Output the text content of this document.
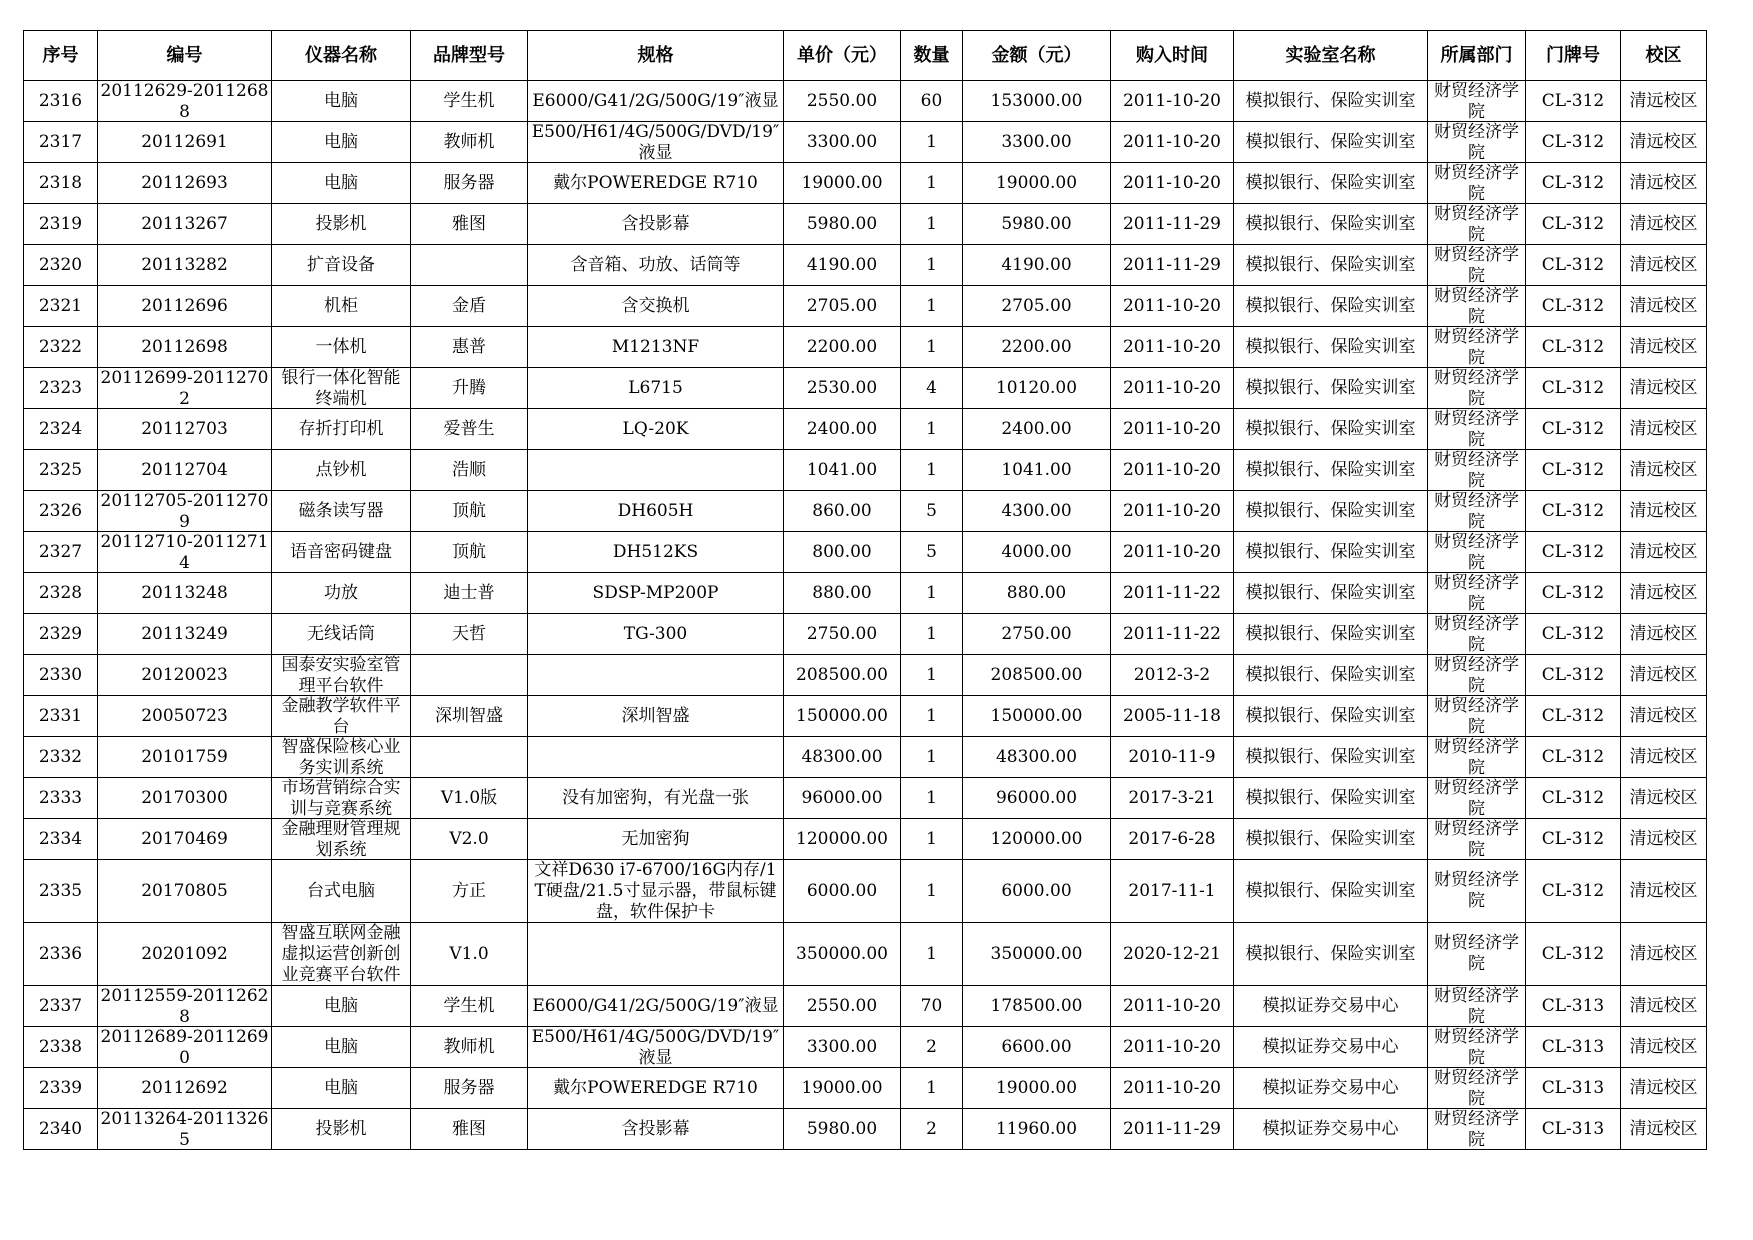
序号	编号	仪器名称	品牌型号	规格	单价（元）	数量	金额（元）	购入时间	实验室名称	所属部门	门牌号	校区

2316	20112629-20112688	电脑	学生机	E6000/G41/2G/500G/19″液显	2550.00	60	153000.00	2011-10-20	模拟银行、保险实训室	财贸经济学院	CL-312	清远校区

2317	20112691	电脑	教师机	E500/H61/4G/500G/DVD/19″液显	3300.00	1	3300.00	2011-10-20	模拟银行、保险实训室	财贸经济学院	CL-312	清远校区

2318	20112693	电脑	服务器	戴尔POWEREDGE R710	19000.00	1	19000.00	2011-10-20	模拟银行、保险实训室	财贸经济学院	CL-312	清远校区

2319	20113267	投影机	雅图	含投影幕	5980.00	1	5980.00	2011-11-29	模拟银行、保险实训室	财贸经济学院	CL-312	清远校区

2320	20113282	扩音设备		含音箱、功放、话筒等	4190.00	1	4190.00	2011-11-29	模拟银行、保险实训室	财贸经济学院	CL-312	清远校区

2321	20112696	机柜	金盾	含交换机	2705.00	1	2705.00	2011-10-20	模拟银行、保险实训室	财贸经济学院	CL-312	清远校区

2322	20112698	一体机	惠普	M1213NF	2200.00	1	2200.00	2011-10-20	模拟银行、保险实训室	财贸经济学院	CL-312	清远校区

2323	20112699-20112702	银行一体化智能终端机	升腾	L6715	2530.00	4	10120.00	2011-10-20	模拟银行、保险实训室	财贸经济学院	CL-312	清远校区

2324	20112703	存折打印机	爱普生	LQ-20K	2400.00	1	2400.00	2011-10-20	模拟银行、保险实训室	财贸经济学院	CL-312	清远校区

2325	20112704	点钞机	浩顺		1041.00	1	1041.00	2011-10-20	模拟银行、保险实训室	财贸经济学院	CL-312	清远校区

2326	20112705-20112709	磁条读写器	顶航	DH605H	860.00	5	4300.00	2011-10-20	模拟银行、保险实训室	财贸经济学院	CL-312	清远校区

2327	20112710-20112714	语音密码键盘	顶航	DH512KS	800.00	5	4000.00	2011-10-20	模拟银行、保险实训室	财贸经济学院	CL-312	清远校区

2328	20113248	功放	迪士普	SDSP-MP200P	880.00	1	880.00	2011-11-22	模拟银行、保险实训室	财贸经济学院	CL-312	清远校区

2329	20113249	无线话筒	天哲	TG-300	2750.00	1	2750.00	2011-11-22	模拟银行、保险实训室	财贸经济学院	CL-312	清远校区

2330	20120023	国泰安实验室管理平台软件			208500.00	1	208500.00	2012-3-2	模拟银行、保险实训室	财贸经济学院	CL-312	清远校区

2331	20050723	金融教学软件平台	深圳智盛	深圳智盛	150000.00	1	150000.00	2005-11-18	模拟银行、保险实训室	财贸经济学院	CL-312	清远校区

2332	20101759	智盛保险核心业务实训系统			48300.00	1	48300.00	2010-11-9	模拟银行、保险实训室	财贸经济学院	CL-312	清远校区

2333	20170300	市场营销综合实训与竞赛系统	V1.0版	没有加密狗，有光盘一张	96000.00	1	96000.00	2017-3-21	模拟银行、保险实训室	财贸经济学院	CL-312	清远校区

2334	20170469	金融理财管理规划系统	V2.0	无加密狗	120000.00	1	120000.00	2017-6-28	模拟银行、保险实训室	财贸经济学院	CL-312	清远校区

2335	20170805	台式电脑	方正	文祥D630 i7-6700/16G内存/1T硬盘/21.5寸显示器，带鼠标键盘，软件保护卡	6000.00	1	6000.00	2017-11-1	模拟银行、保险实训室	财贸经济学院	CL-312	清远校区

2336	20201092	智盛互联网金融虚拟运营创新创业竞赛平台软件	V1.0		350000.00	1	350000.00	2020-12-21	模拟银行、保险实训室	财贸经济学院	CL-312	清远校区

2337	20112559-20112628	电脑	学生机	E6000/G41/2G/500G/19″液显	2550.00	70	178500.00	2011-10-20	模拟证券交易中心	财贸经济学院	CL-313	清远校区

2338	20112689-20112690	电脑	教师机	E500/H61/4G/500G/DVD/19″液显	3300.00	2	6600.00	2011-10-20	模拟证券交易中心	财贸经济学院	CL-313	清远校区

2339	20112692	电脑	服务器	戴尔POWEREDGE R710	19000.00	1	19000.00	2011-10-20	模拟证券交易中心	财贸经济学院	CL-313	清远校区

2340	20113264-20113265	投影机	雅图	含投影幕	5980.00	2	11960.00	2011-11-29	模拟证券交易中心	财贸经济学院	CL-313	清远校区
